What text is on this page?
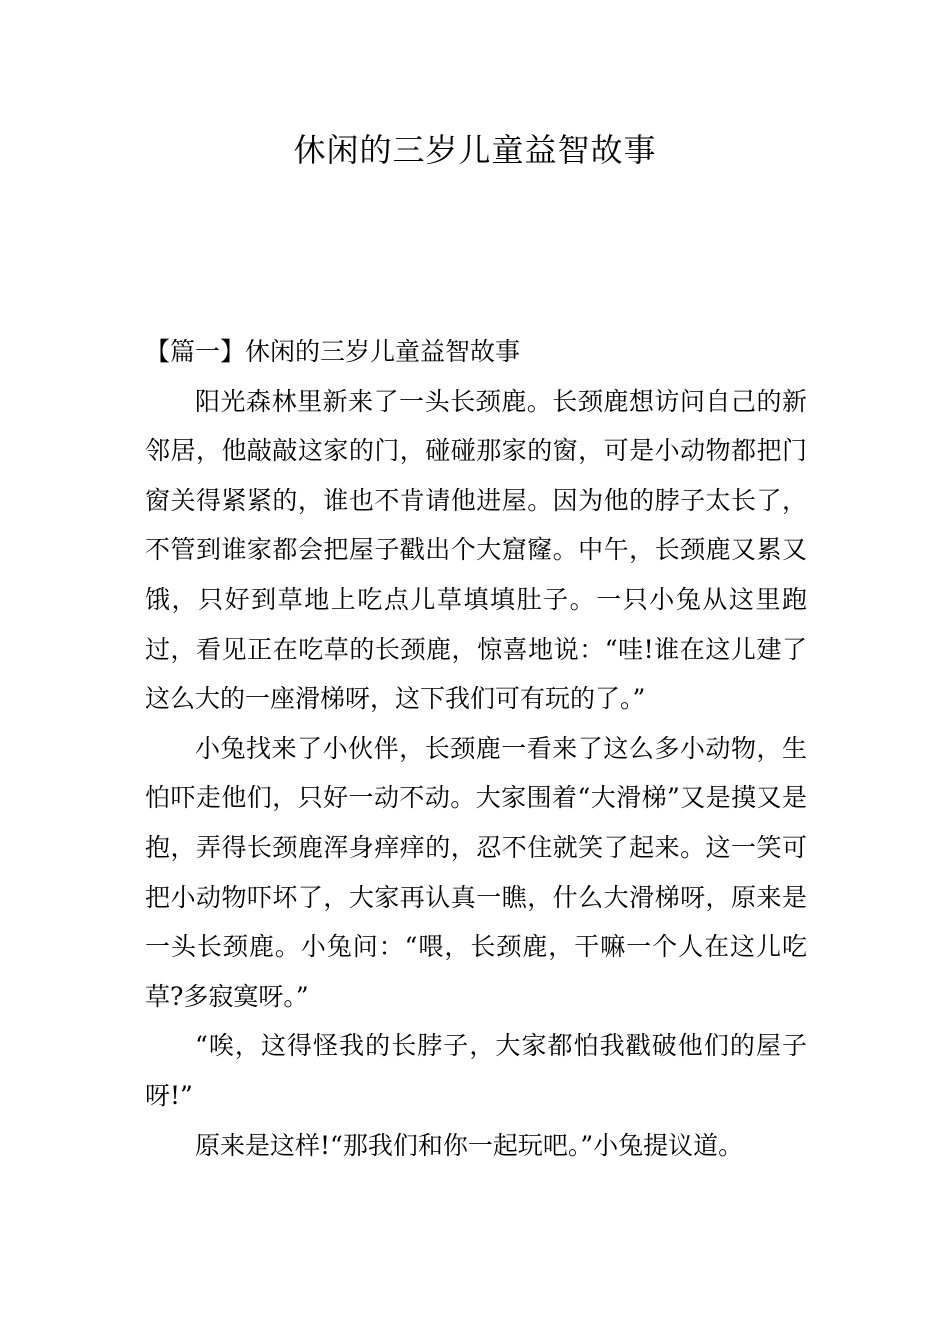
休闲的三岁儿童益智故事
【篇一】休闲的三岁儿童益智故事

阳光森林里新来了一头长颈鹿。长颈鹿想访问自己的新邻居，他敲敲这家的门，碰碰那家的窗，可是小动物都把门窗关得紧紧的，谁也不肯请他进屋。因为他的脖子太长了，不管到谁家都会把屋子戳出个大窟窿。中午，长颈鹿又累又饿，只好到草地上吃点儿草填填肚子。一只小兔从这里跑过，看见正在吃草的长颈鹿，惊喜地说：“哇!谁在这儿建了这么大的一座滑梯呀，这下我们可有玩的了。”

小兔找来了小伙伴，长颈鹿一看来了这么多小动物，生怕吓走他们，只好一动不动。大家围着“大滑梯”又是摸又是抱，弄得长颈鹿浑身痒痒的，忍不住就笑了起来。这一笑可把小动物吓坏了，大家再认真一瞧，什么大滑梯呀，原来是一头长颈鹿。小兔问：“喂，长颈鹿，干嘛一个人在这儿吃草?多寂寞呀。”

“唉，这得怪我的长脖子，大家都怕我戳破他们的屋子呀!”

原来是这样!“那我们和你一起玩吧。”小兔提议道。
